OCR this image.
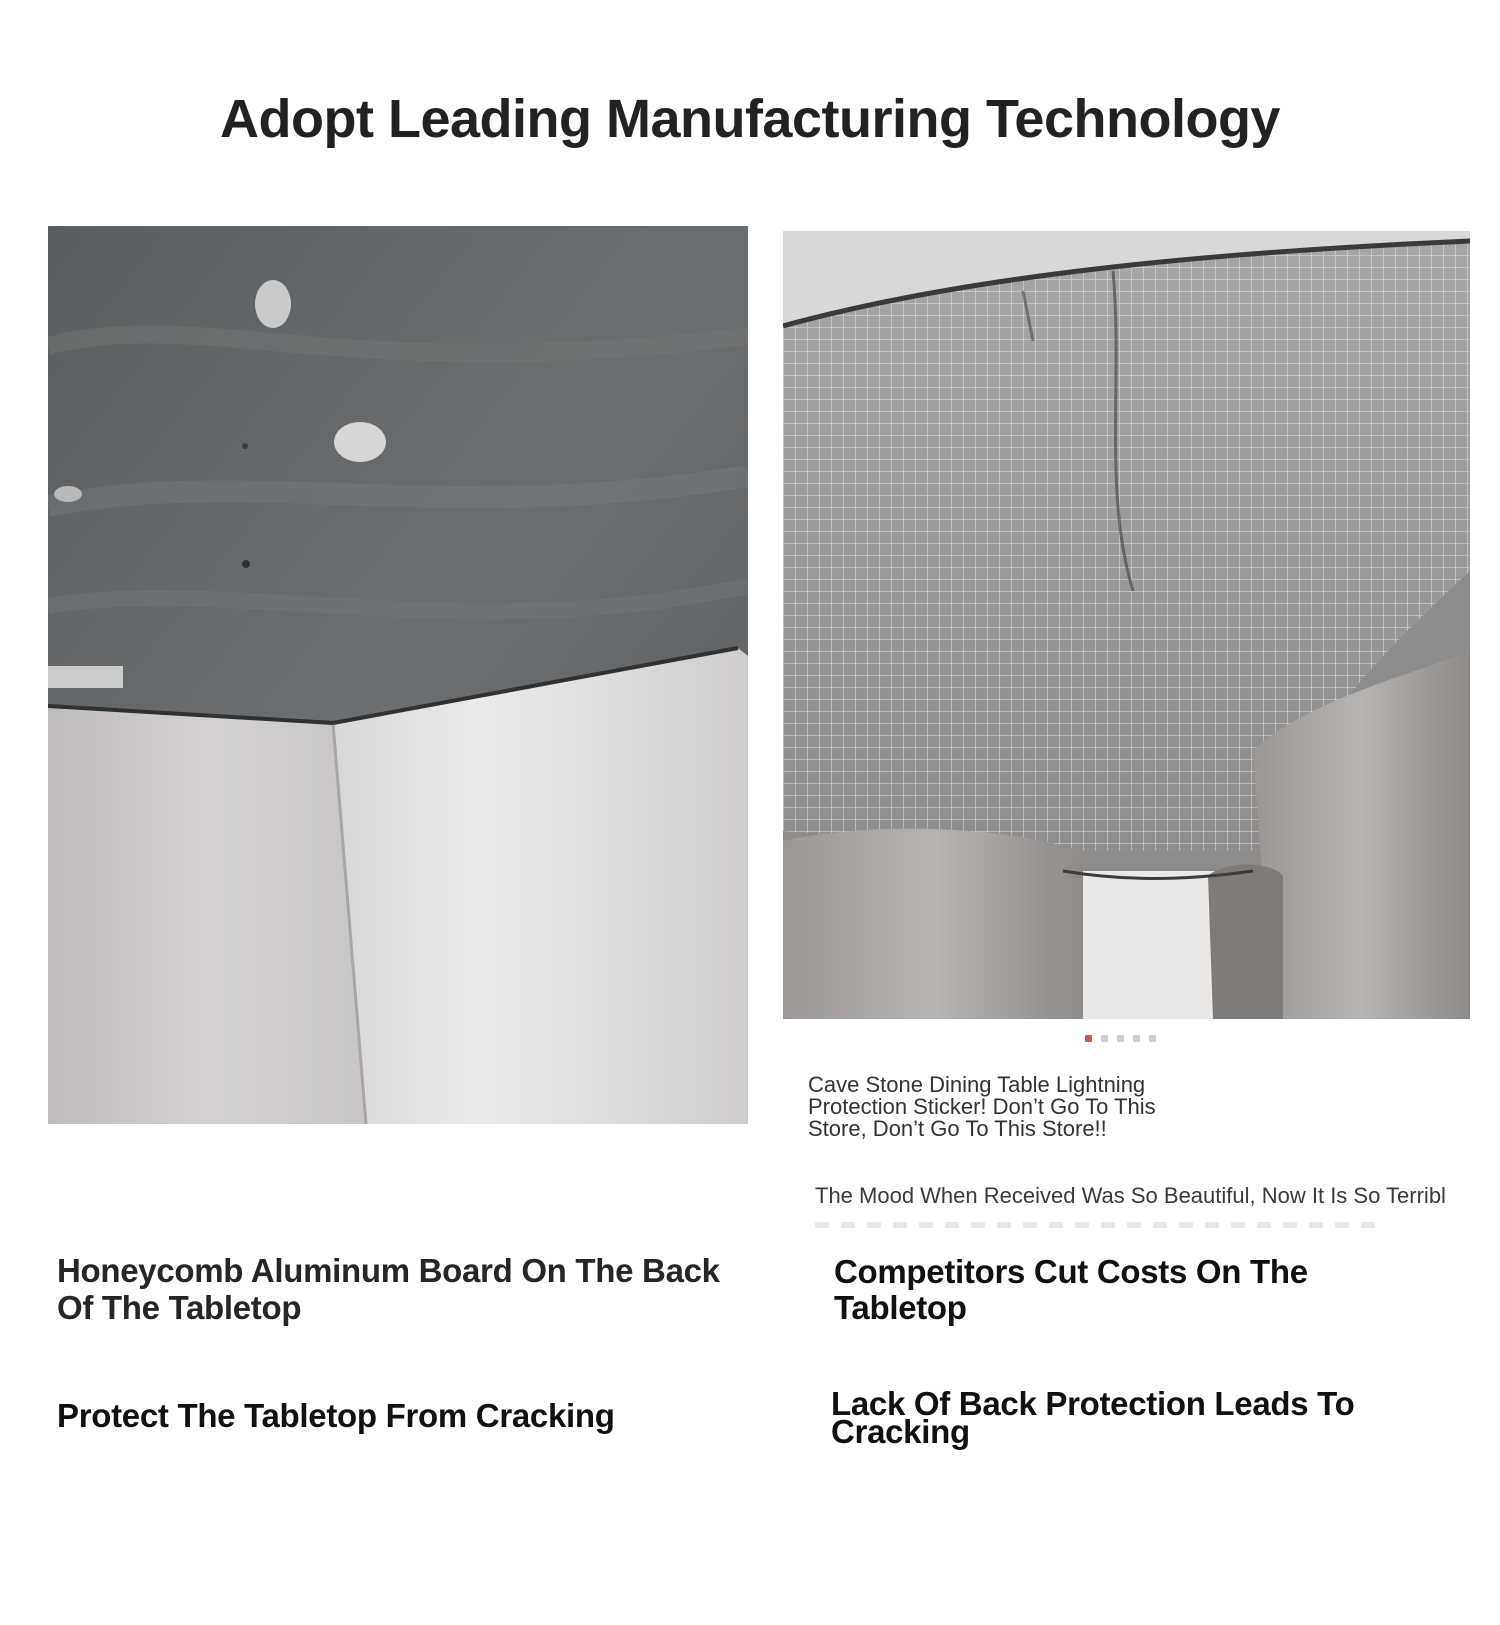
Adopt Leading Manufacturing Technology

Cave Stone Dining Table Lightning Protection Sticker! Don’t Go To This Store, Don’t Go To This Store!!

The Mood When Received Was So Beautiful, Now It Is So Terribl

Honeycomb Aluminum Board On The Back Of The Tabletop
Protect The Tabletop From Cracking
Competitors Cut Costs On The Tabletop
Lack Of Back Protection Leads To Cracking
